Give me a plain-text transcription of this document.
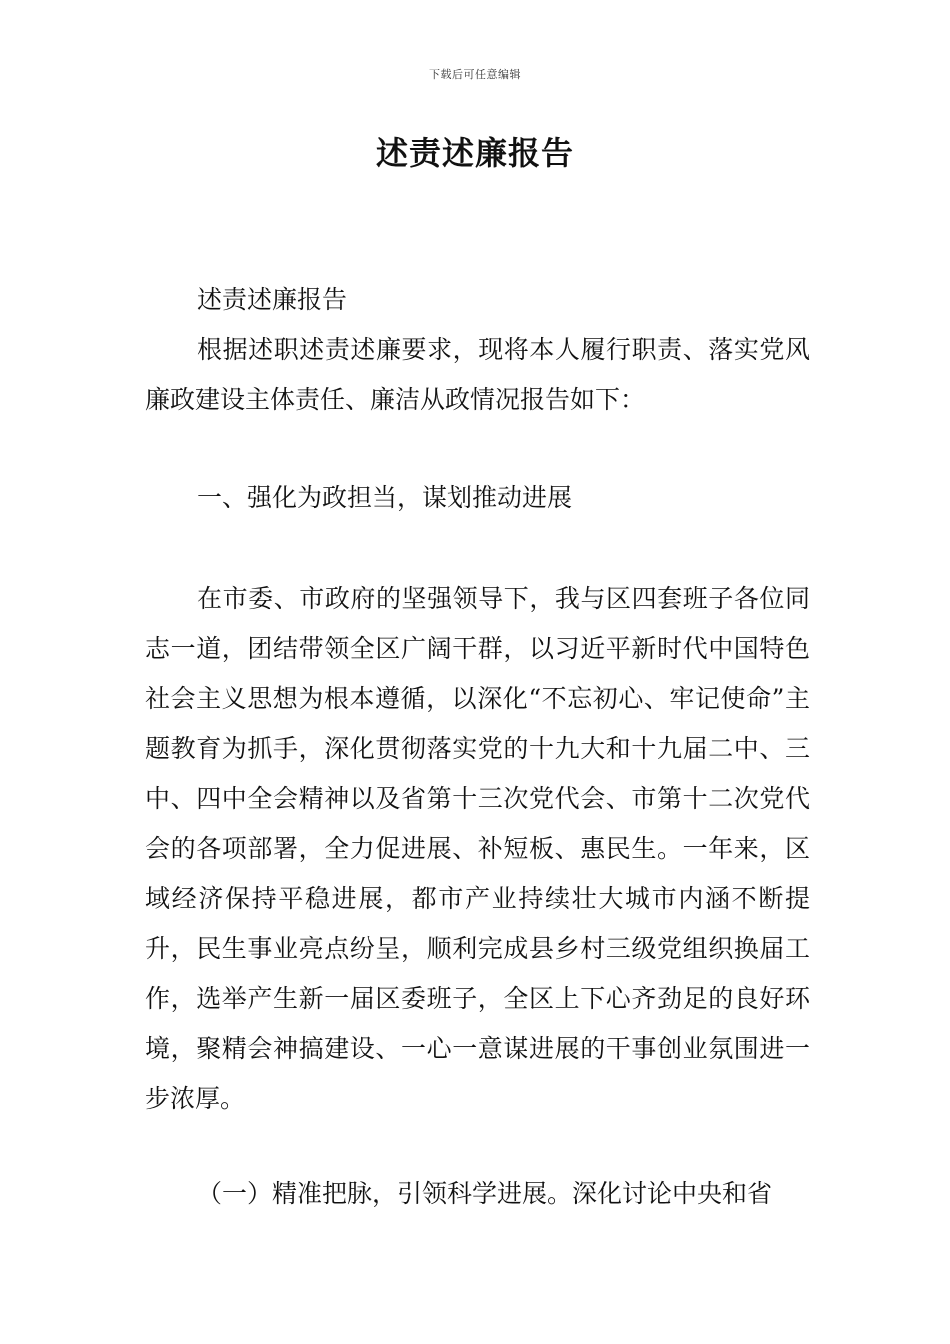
下载后可任意编辑
述责述廉报告

述责述廉报告

根据述职述责述廉要求，现将本人履行职责、落实党风廉政建设主体责任、廉洁从政情况报告如下：

一、强化为政担当，谋划推动进展

在市委、市政府的坚强领导下，我与区四套班子各位同志一道，团结带领全区广阔干群，以习近平新时代中国特色社会主义思想为根本遵循，以深化“不忘初心、牢记使命”主题教育为抓手，深化贯彻落实党的十九大和十九届二中、三中、四中全会精神以及省第十三次党代会、市第十二次党代会的各项部署，全力促进展、补短板、惠民生。一年来，区域经济保持平稳进展，都市产业持续壮大城市内涵不断提升，民生事业亮点纷呈，顺利完成县乡村三级党组织换届工作，选举产生新一届区委班子，全区上下心齐劲足的良好环境，聚精会神搞建设、一心一意谋进展的干事创业氛围进一步浓厚。

（一）精准把脉，引领科学进展。深化讨论中央和省
